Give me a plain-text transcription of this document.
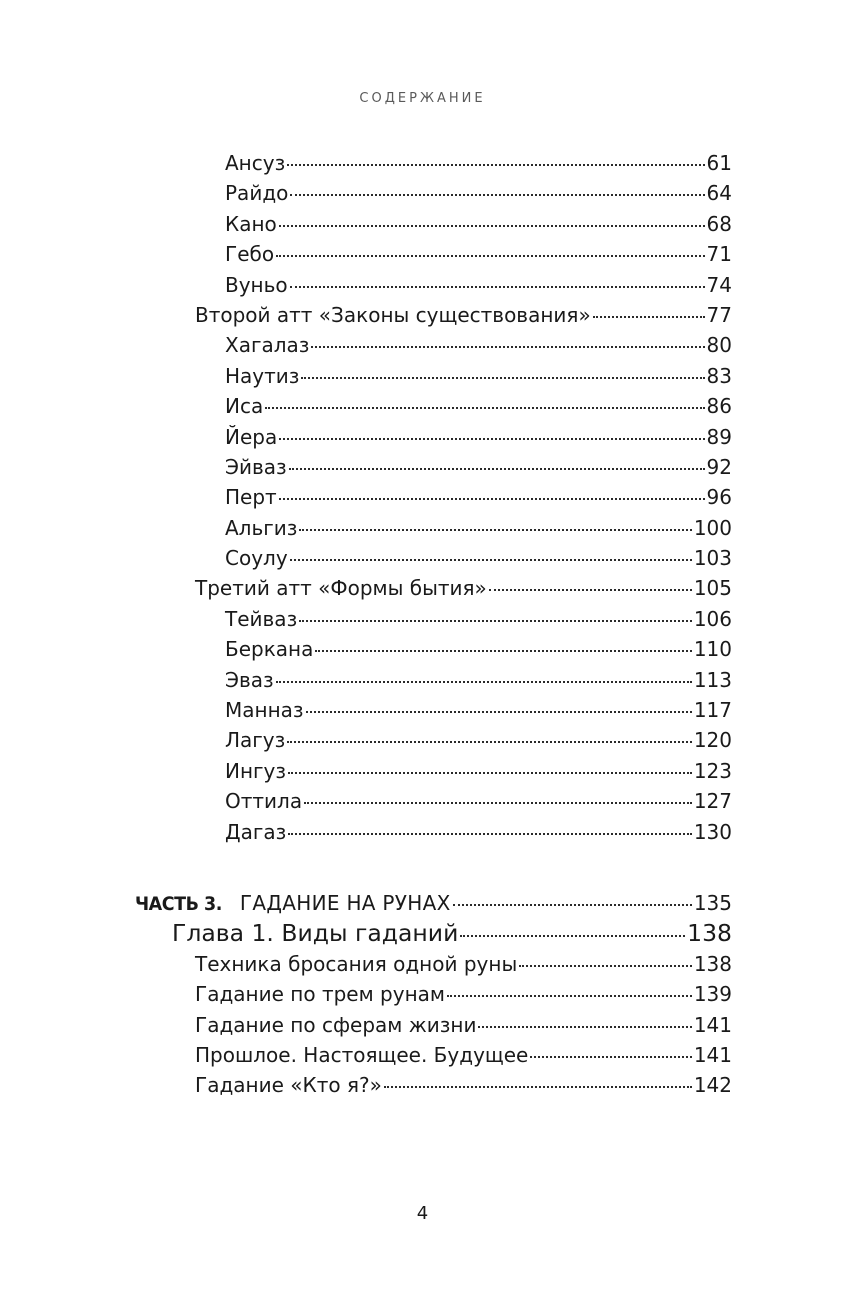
СОДЕРЖАНИЕ
Ансуз	61
Райдо	64
Кано	68
Гебо	71
Вуньо	74
Второй атт «Законы существования»	77
Хагалаз	80
Наутиз	83
Иса	86
Йера	89
Эйваз	92
Перт	96
Альгиз	100
Соулу	103
Третий атт «Формы бытия»	105
Тейваз	106
Беркана	110
Эваз	113
Манназ	117
Лагуз	120
Ингуз	123
Оттила	127
Дагаз	130
ЧАСТЬ 3. ГАДАНИЕ НА РУНАХ	135
Глава 1. Виды гаданий	138
Техника бросания одной руны	138
Гадание по трем рунам	139
Гадание по сферам жизни	141
Прошлое. Настоящее. Будущее	141
Гадание «Кто я?»	142
4
